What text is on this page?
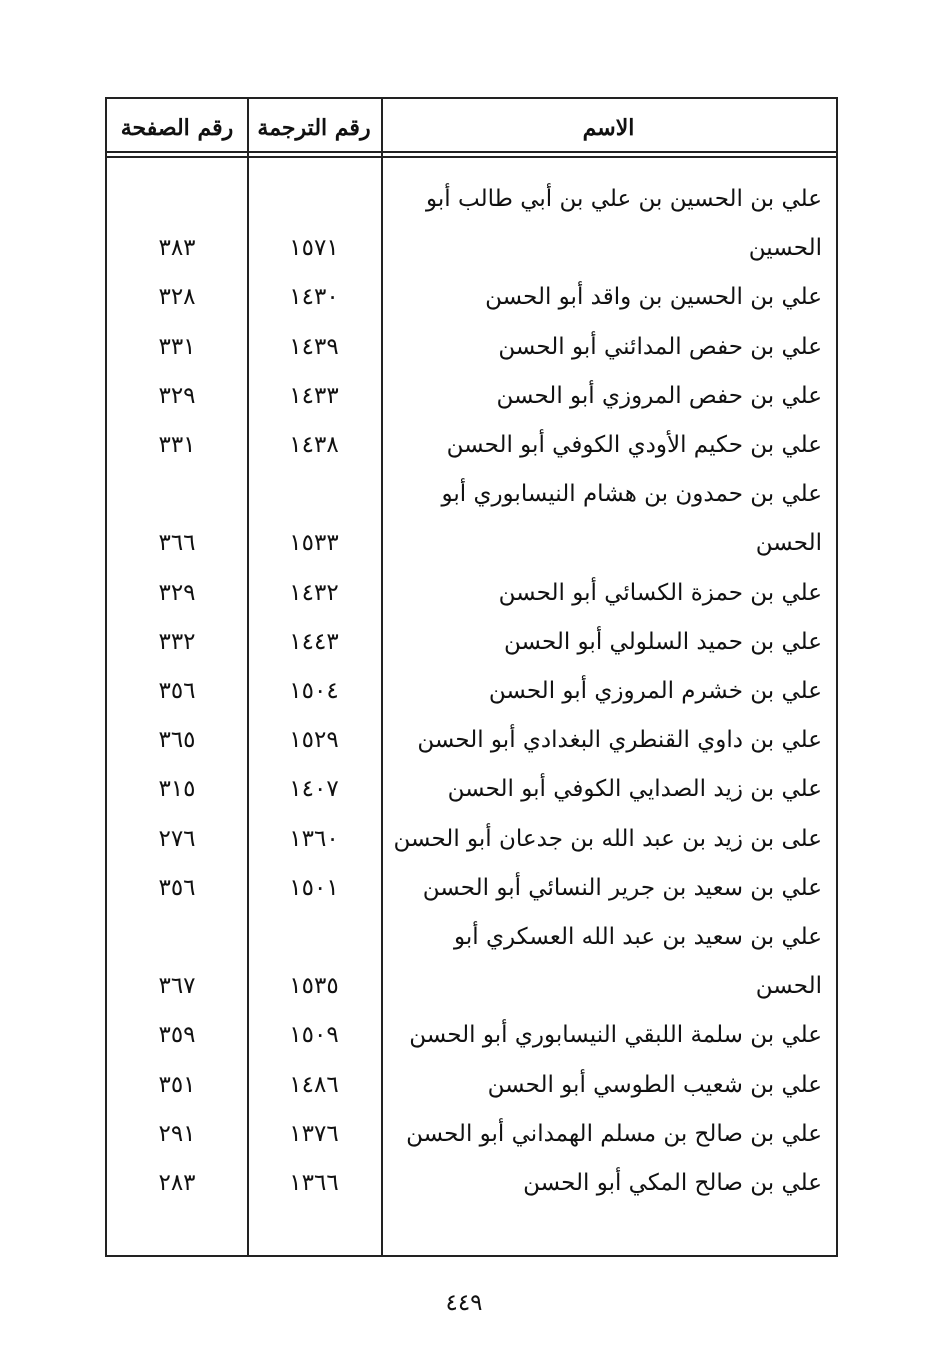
رقم الصفحة	رقم الترجمة	الاسم
علي بن الحسين بن علي بن أبي طالب أبو
الحسين
١٥٧١
٣٨٣
علي بن الحسين بن واقد أبو الحسن
١٤٣٠
٣٢٨
علي بن حفص المدائني أبو الحسن
١٤٣٩
٣٣١
علي بن حفص المروزي أبو الحسن
١٤٣٣
٣٢٩
علي بن حكيم الأودي الكوفي أبو الحسن
١٤٣٨
٣٣١
علي بن حمدون بن هشام النيسابوري أبو
الحسن
١٥٣٣
٣٦٦
علي بن حمزة الكسائي أبو الحسن
١٤٣٢
٣٢٩
علي بن حميد السلولي أبو الحسن
١٤٤٣
٣٣٢
علي بن خشرم المروزي أبو الحسن
١٥٠٤
٣٥٦
علي بن داوي القنطري البغدادي أبو الحسن
١٥٢٩
٣٦٥
علي بن زيد الصدايي الكوفي أبو الحسن
١٤٠٧
٣١٥
على بن زيد بن عبد الله بن جدعان أبو الحسن
١٣٦٠
٢٧٦
علي بن سعيد بن جرير النسائي أبو الحسن
١٥٠١
٣٥٦
علي بن سعيد بن عبد الله العسكري أبو
الحسن
١٥٣٥
٣٦٧
علي بن سلمة اللبقي النيسابوري أبو الحسن
١٥٠٩
٣٥٩
علي بن شعيب الطوسي أبو الحسن
١٤٨٦
٣٥١
علي بن صالح بن مسلم الهمداني أبو الحسن
١٣٧٦
٢٩١
علي بن صالح المكي أبو الحسن
١٣٦٦
٢٨٣
٤٤٩
